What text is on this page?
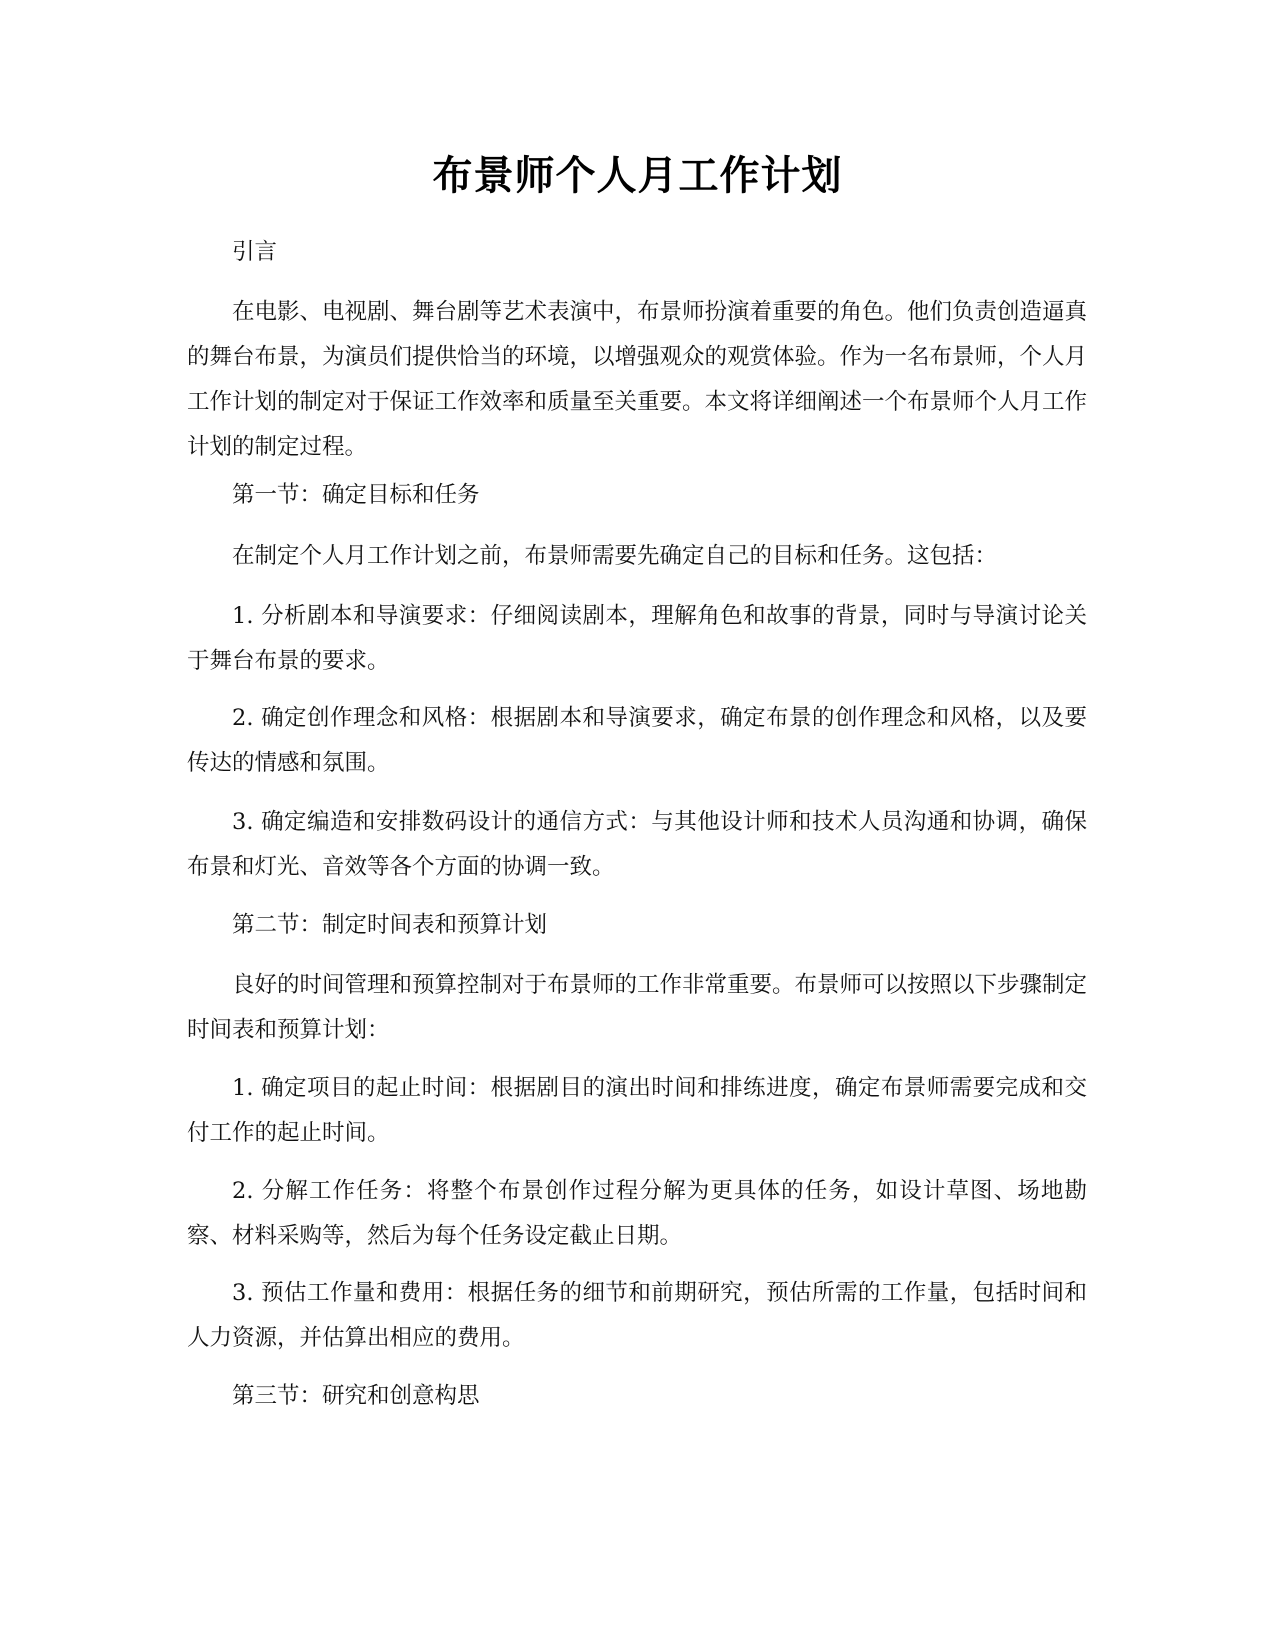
布景师个人月工作计划

引言

在电影、电视剧、舞台剧等艺术表演中，布景师扮演着重要的角色。他们负责创造逼真的舞台布景，为演员们提供恰当的环境，以增强观众的观赏体验。作为一名布景师，个人月工作计划的制定对于保证工作效率和质量至关重要。本文将详细阐述一个布景师个人月工作计划的制定过程。

第一节：确定目标和任务

在制定个人月工作计划之前，布景师需要先确定自己的目标和任务。这包括：

1. 分析剧本和导演要求：仔细阅读剧本，理解角色和故事的背景，同时与导演讨论关于舞台布景的要求。

2. 确定创作理念和风格：根据剧本和导演要求，确定布景的创作理念和风格，以及要传达的情感和氛围。

3. 确定编造和安排数码设计的通信方式：与其他设计师和技术人员沟通和协调，确保布景和灯光、音效等各个方面的协调一致。

第二节：制定时间表和预算计划

良好的时间管理和预算控制对于布景师的工作非常重要。布景师可以按照以下步骤制定时间表和预算计划：

1. 确定项目的起止时间：根据剧目的演出时间和排练进度，确定布景师需要完成和交付工作的起止时间。

2. 分解工作任务：将整个布景创作过程分解为更具体的任务，如设计草图、场地勘察、材料采购等，然后为每个任务设定截止日期。

3. 预估工作量和费用：根据任务的细节和前期研究，预估所需的工作量，包括时间和人力资源，并估算出相应的费用。

第三节：研究和创意构思
